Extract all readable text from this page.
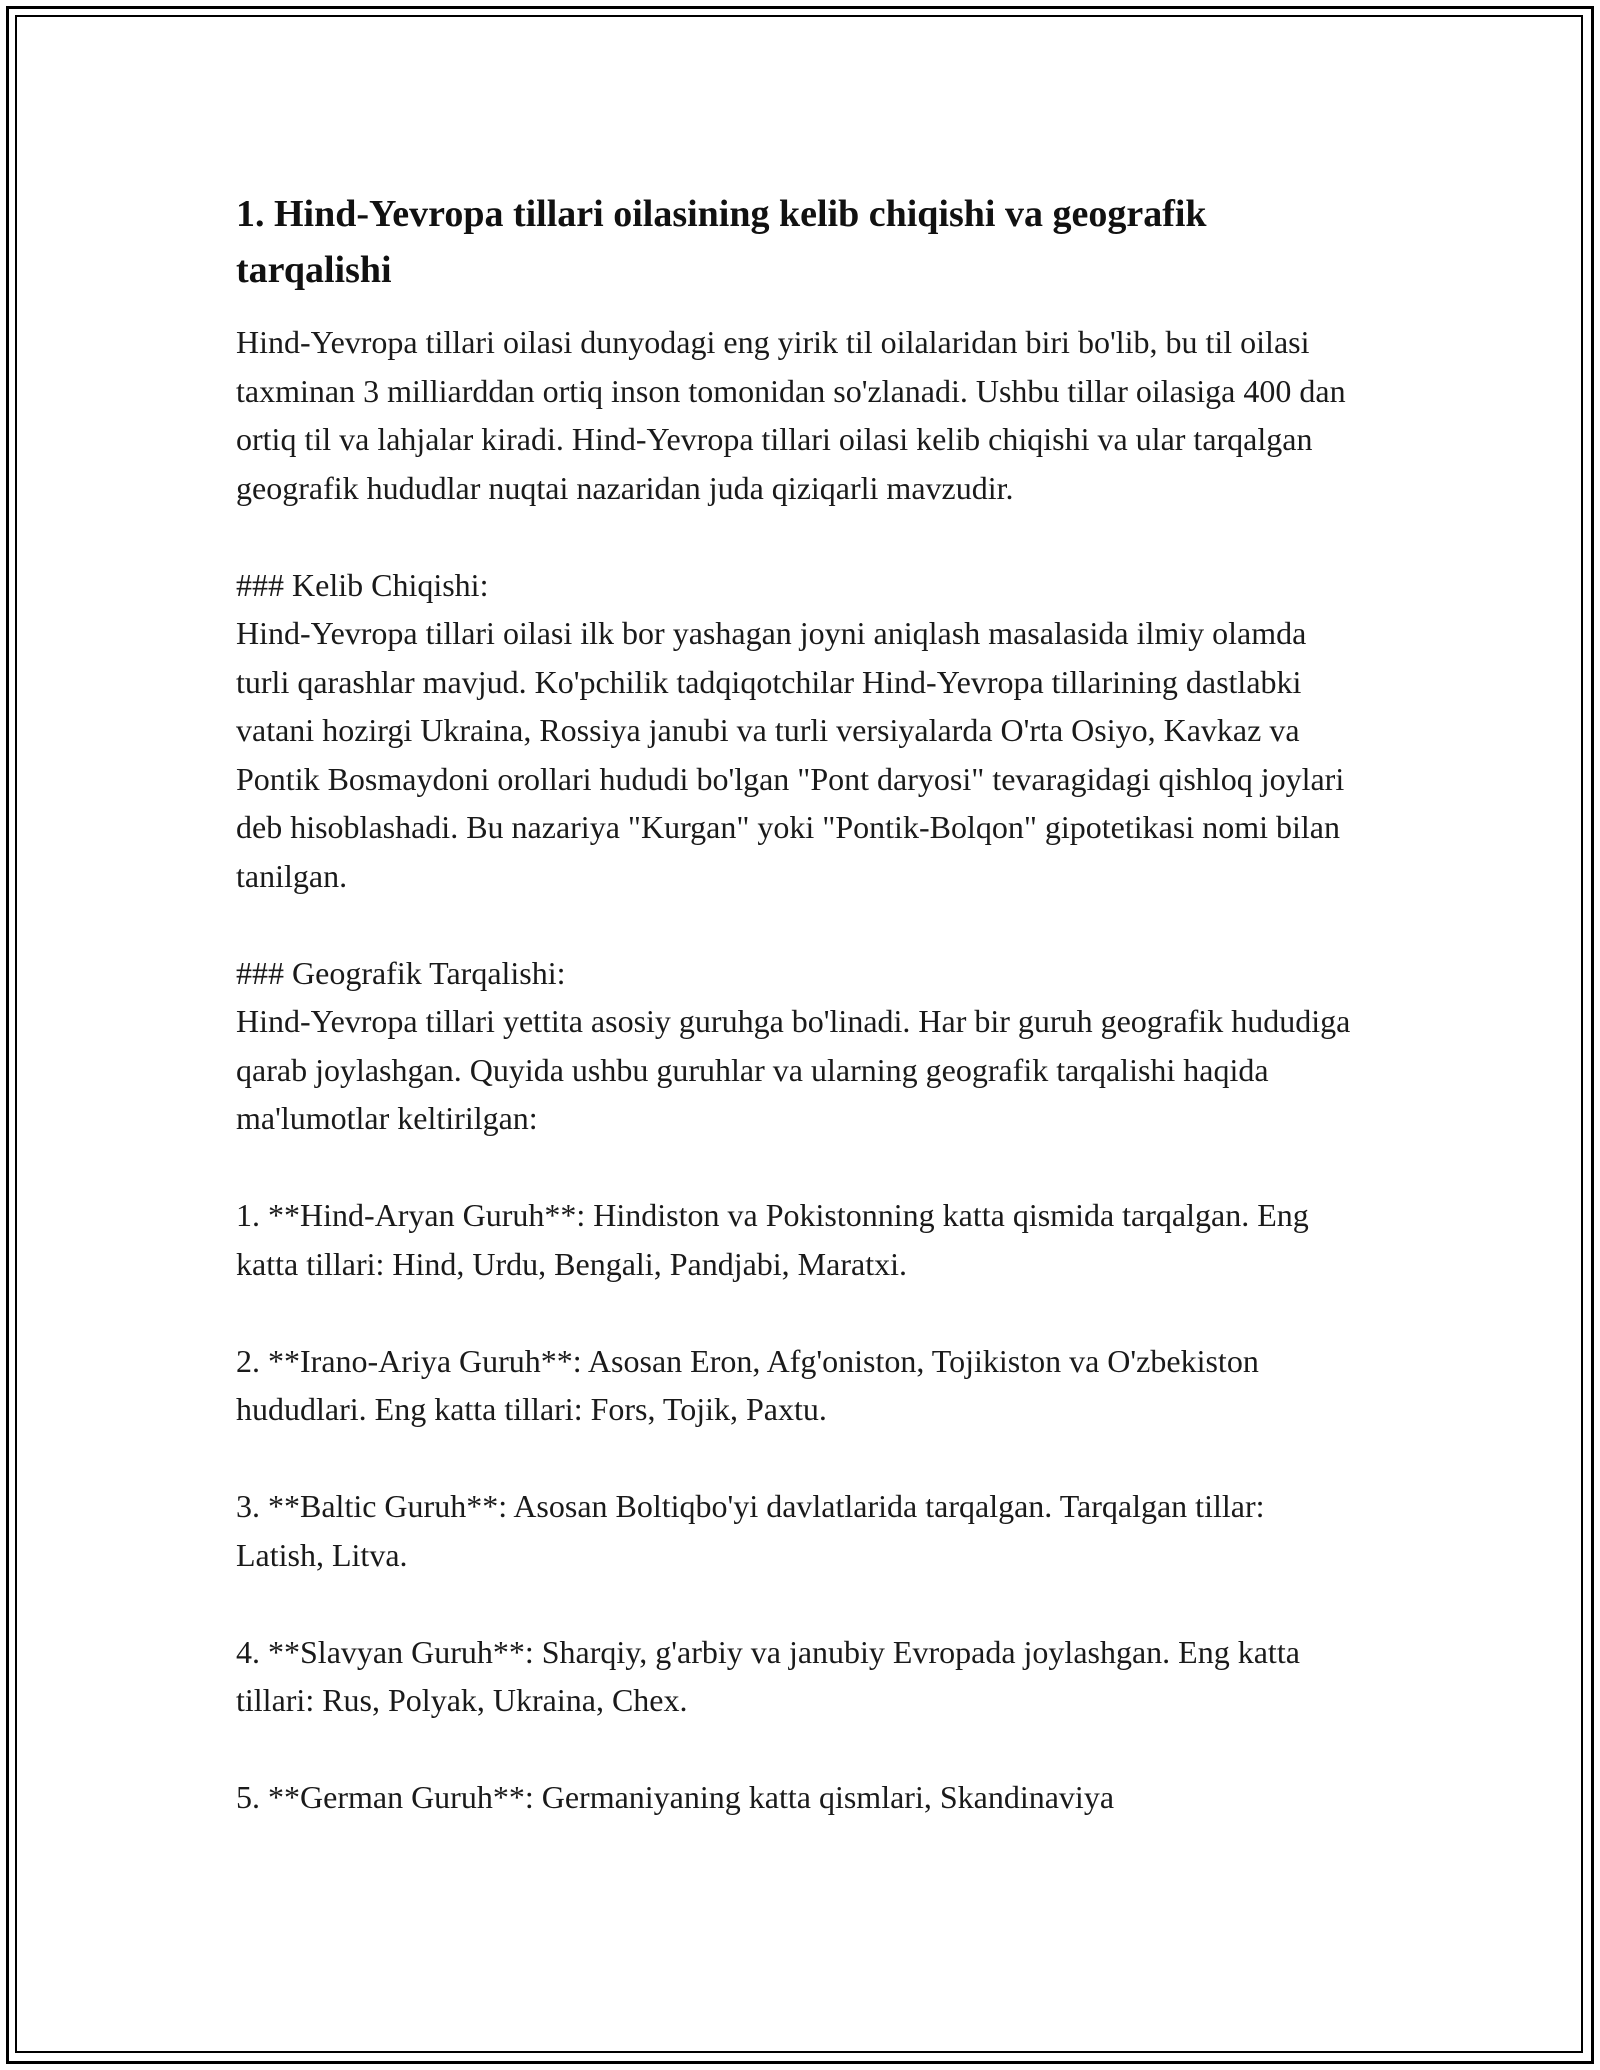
1. Hind-Yevropa tillari oilasining kelib chiqishi va geografik tarqalishi

Hind-Yevropa tillari oilasi dunyodagi eng yirik til oilalaridan biri bo'lib, bu til oilasi taxminan 3 milliarddan ortiq inson tomonidan so'zlanadi. Ushbu tillar oilasiga 400 dan ortiq til va lahjalar kiradi. Hind-Yevropa tillari oilasi kelib chiqishi va ular tarqalgan geografik hududlar nuqtai nazaridan juda qiziqarli mavzudir.

### Kelib Chiqishi:

Hind-Yevropa tillari oilasi ilk bor yashagan joyni aniqlash masalasida ilmiy olamda turli qarashlar mavjud. Ko'pchilik tadqiqotchilar Hind-Yevropa tillarining dastlabki vatani hozirgi Ukraina, Rossiya janubi va turli versiyalarda O'rta Osiyo, Kavkaz va Pontik Bosmaydoni orollari hududi bo'lgan "Pont daryosi" tevaragidagi qishloq joylari deb hisoblashadi. Bu nazariya "Kurgan" yoki "Pontik-Bolqon" gipotetikasi nomi bilan tanilgan.

### Geografik Tarqalishi:

Hind-Yevropa tillari yettita asosiy guruhga bo'linadi. Har bir guruh geografik hududiga qarab joylashgan. Quyida ushbu guruhlar va ularning geografik tarqalishi haqida ma'lumotlar keltirilgan:

1. **Hind-Aryan Guruh**: Hindiston va Pokistonning katta qismida tarqalgan. Eng katta tillari: Hind, Urdu, Bengali, Pandjabi, Maratxi.

2. **Irano-Ariya Guruh**: Asosan Eron, Afg'oniston, Tojikiston va O'zbekiston hududlari. Eng katta tillari: Fors, Tojik, Paxtu.

3. **Baltic Guruh**: Asosan Boltiqbo'yi davlatlarida tarqalgan. Tarqalgan tillar: Latish, Litva.

4. **Slavyan Guruh**: Sharqiy, g'arbiy va janubiy Evropada joylashgan. Eng katta tillari: Rus, Polyak, Ukraina, Chex.

5. **German Guruh**: Germaniyaning katta qismlari, Skandinaviya
